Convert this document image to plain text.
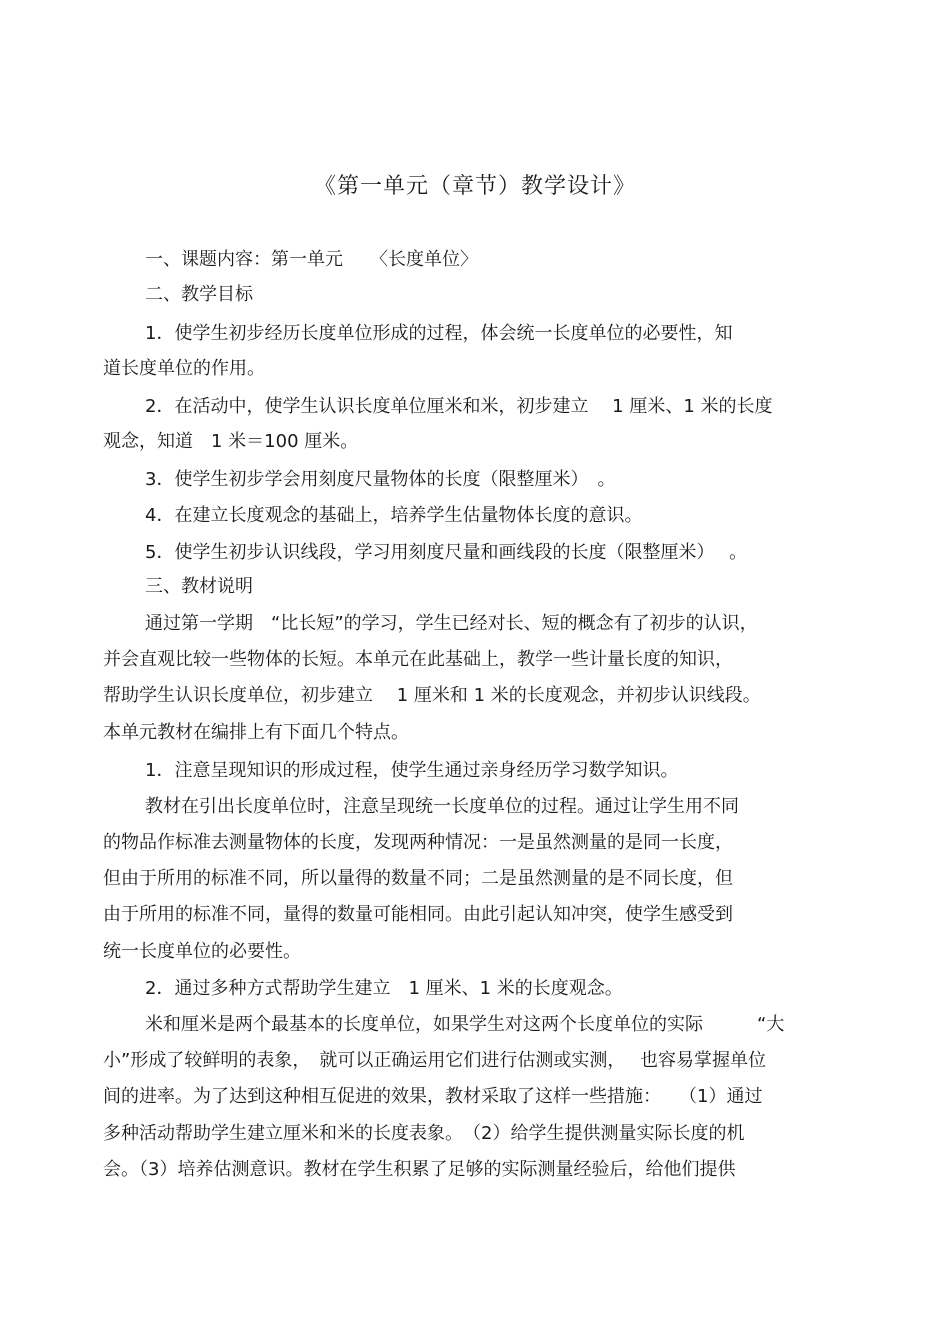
《第一单元（章节）教学设计》
一、课题内容：第一单元　　〈长度单位〉
二、教学目标
1．使学生初步经历长度单位形成的过程，体会统一长度单位的必要性，知
道长度单位的作用。
2．在活动中，使学生认识长度单位厘米和米，初步建立　 1 厘米、1 米的长度
观念，知道　1 米＝100 厘米。
3．使学生初步学会用刻度尺量物体的长度（限整厘米）　。
4．在建立长度观念的基础上，培养学生估量物体长度的意识。
5．使学生初步认识线段，学习用刻度尺量和画线段的长度（限整厘米）　 。
三、教材说明
通过第一学期　“比长短”的学习，学生已经对长、短的概念有了初步的认识，
并会直观比较一些物体的长短。本单元在此基础上，教学一些计量长度的知识，
帮助学生认识长度单位，初步建立　 1 厘米和 1 米的长度观念，并初步认识线段。
本单元教材在编排上有下面几个特点。
1．注意呈现知识的形成过程，使学生通过亲身经历学习数学知识。
教材在引出长度单位时，注意呈现统一长度单位的过程。通过让学生用不同
的物品作标准去测量物体的长度，发现两种情况：一是虽然测量的是同一长度，
但由于所用的标准不同，所以量得的数量不同；二是虽然测量的是不同长度，但
由于所用的标准不同，量得的数量可能相同。由此引起认知冲突，使学生感受到
统一长度单位的必要性。
2．通过多种方式帮助学生建立　1 厘米、1 米的长度观念。
米和厘米是两个最基本的长度单位，如果学生对这两个长度单位的实际　　　“大
小”形成了较鲜明的表象，　就可以正确运用它们进行估测或实测，　 也容易掌握单位
间的进率。为了达到这种相互促进的效果，教材采取了这样一些措施：　　（1）通过
多种活动帮助学生建立厘米和米的长度表象。　（2）给学生提供测量实际长度的机
会。（3）培养估测意识。教材在学生积累了足够的实际测量经验后，给他们提供
